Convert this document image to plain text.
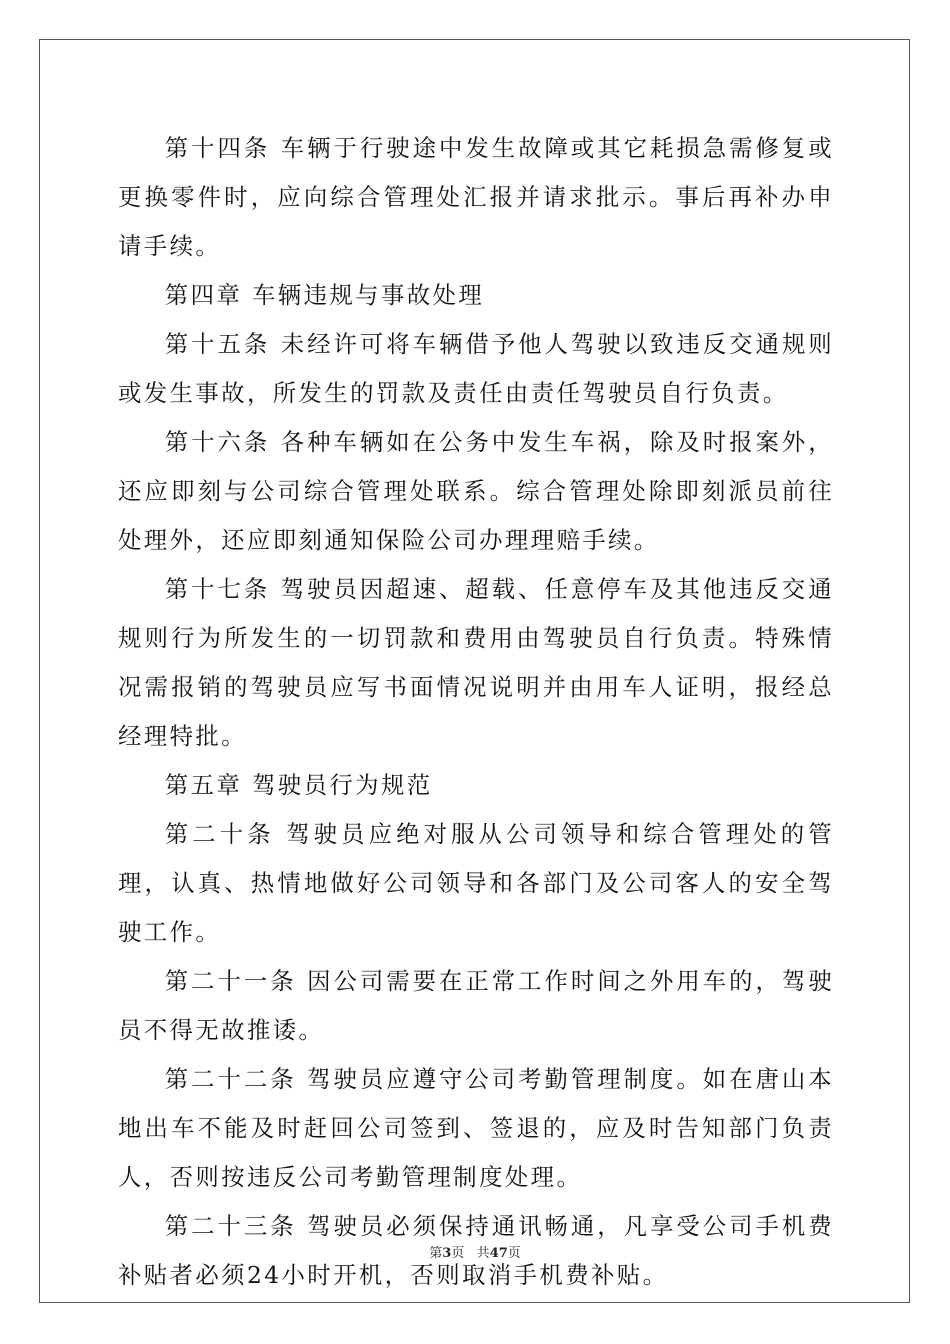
第十四条 车辆于行驶途中发生故障或其它耗损急需修复或更换零件时，应向综合管理处汇报并请求批示。事后再补办申请手续。

第四章 车辆违规与事故处理

第十五条 未经许可将车辆借予他人驾驶以致违反交通规则或发生事故，所发生的罚款及责任由责任驾驶员自行负责。

第十六条 各种车辆如在公务中发生车祸，除及时报案外，还应即刻与公司综合管理处联系。综合管理处除即刻派员前往处理外，还应即刻通知保险公司办理理赔手续。

第十七条 驾驶员因超速、超载、任意停车及其他违反交通规则行为所发生的一切罚款和费用由驾驶员自行负责。特殊情况需报销的驾驶员应写书面情况说明并由用车人证明，报经总经理特批。

第五章 驾驶员行为规范

第二十条 驾驶员应绝对服从公司领导和综合管理处的管理，认真、热情地做好公司领导和各部门及公司客人的安全驾驶工作。

第二十一条 因公司需要在正常工作时间之外用车的，驾驶员不得无故推诿。

第二十二条 驾驶员应遵守公司考勤管理制度。如在唐山本地出车不能及时赶回公司签到、签退的，应及时告知部门负责人，否则按违反公司考勤管理制度处理。

第二十三条 驾驶员必须保持通讯畅通，凡享受公司手机费补贴者必须24小时开机，否则取消手机费补贴。

第3页 共47页
